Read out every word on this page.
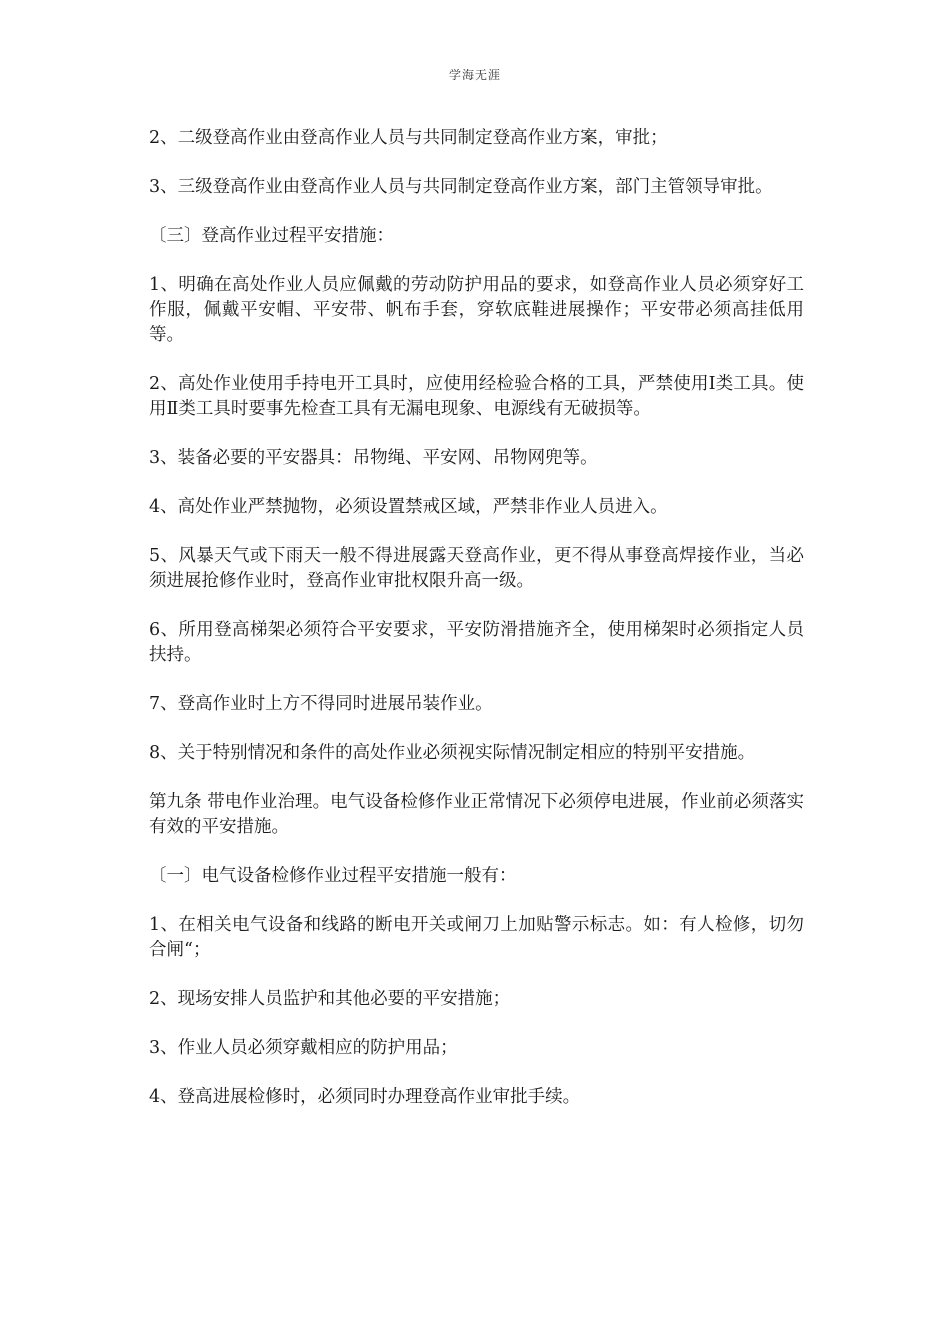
学海无涯

2、二级登高作业由登高作业人员与共同制定登高作业方案，审批；

3、三级登高作业由登高作业人员与共同制定登高作业方案，部门主管领导审批。

〔三〕登高作业过程平安措施：

1、明确在高处作业人员应佩戴的劳动防护用品的要求，如登高作业人员必须穿好工作服，佩戴平安帽、平安带、帆布手套，穿软底鞋进展操作；平安带必须高挂低用等。

2、高处作业使用手持电开工具时，应使用经检验合格的工具，严禁使用Ⅰ类工具。使用Ⅱ类工具时要事先检查工具有无漏电现象、电源线有无破损等。

3、装备必要的平安器具：吊物绳、平安网、吊物网兜等。

4、高处作业严禁抛物，必须设置禁戒区域，严禁非作业人员进入。

5、风暴天气或下雨天一般不得进展露天登高作业，更不得从事登高焊接作业，当必须进展抢修作业时，登高作业审批权限升高一级。

6、所用登高梯架必须符合平安要求，平安防滑措施齐全，使用梯架时必须指定人员扶持。

7、登高作业时上方不得同时进展吊装作业。

8、关于特别情况和条件的高处作业必须视实际情况制定相应的特别平安措施。

第九条 带电作业治理。电气设备检修作业正常情况下必须停电进展，作业前必须落实有效的平安措施。

〔一〕电气设备检修作业过程平安措施一般有：

1、在相关电气设备和线路的断电开关或闸刀上加贴警示标志。如：有人检修，切勿合闸“；

2、现场安排人员监护和其他必要的平安措施；

3、作业人员必须穿戴相应的防护用品；

4、登高进展检修时，必须同时办理登高作业审批手续。
